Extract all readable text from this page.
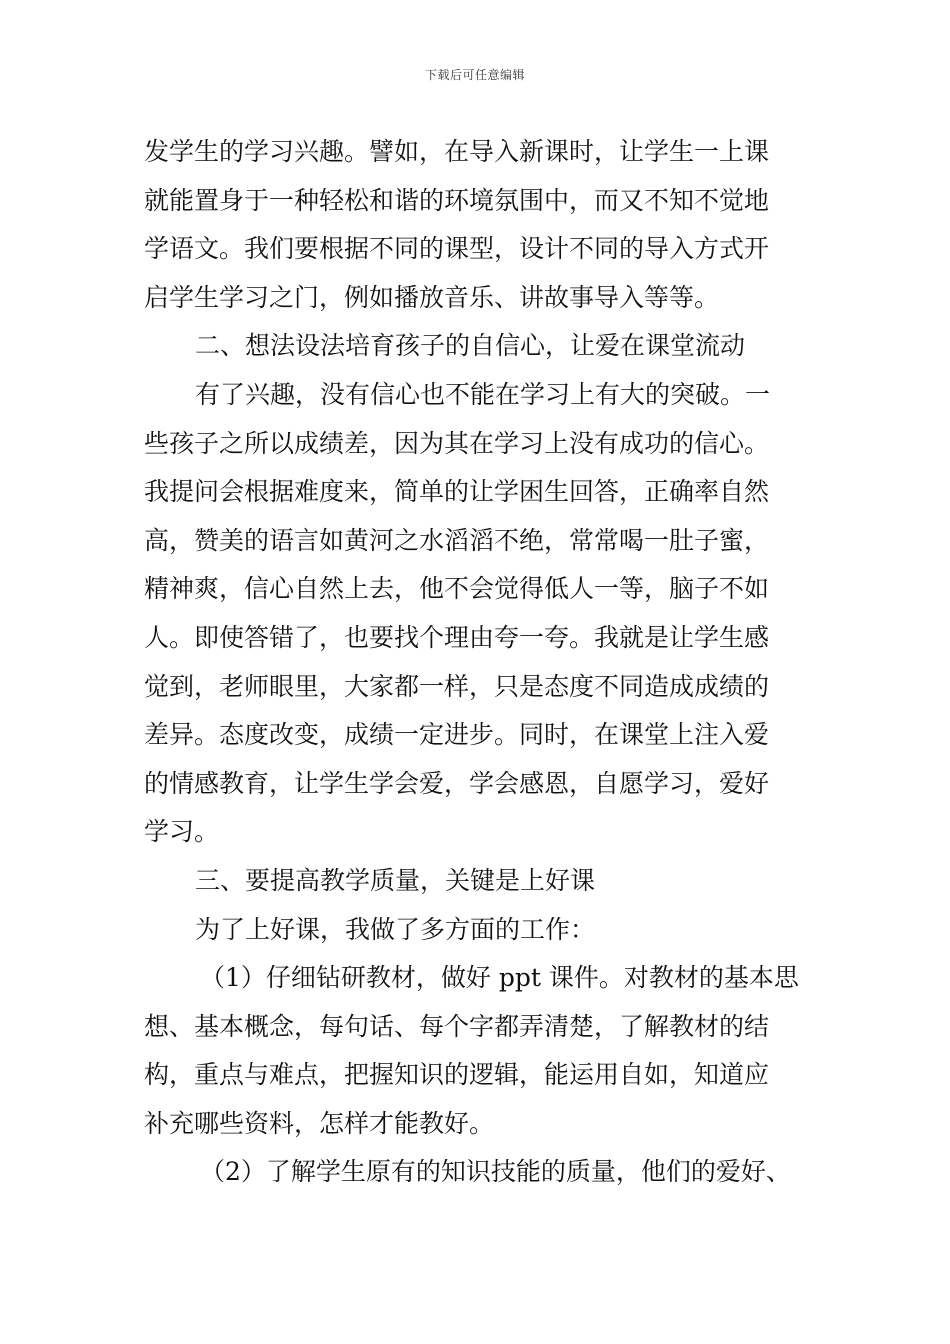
下载后可任意编辑
发学生的学习兴趣。譬如，在导入新课时，让学生一上课
就能置身于一种轻松和谐的环境氛围中，而又不知不觉地
学语文。我们要根据不同的课型，设计不同的导入方式开
启学生学习之门，例如播放音乐、讲故事导入等等。
二、想法设法培育孩子的自信心，让爱在课堂流动
有了兴趣，没有信心也不能在学习上有大的突破。一
些孩子之所以成绩差，因为其在学习上没有成功的信心。
我提问会根据难度来，简单的让学困生回答，正确率自然
高，赞美的语言如黄河之水滔滔不绝，常常喝一肚子蜜，
精神爽，信心自然上去，他不会觉得低人一等，脑子不如
人。即使答错了，也要找个理由夸一夸。我就是让学生感
觉到，老师眼里，大家都一样，只是态度不同造成成绩的
差异。态度改变，成绩一定进步。同时，在课堂上注入爱
的情感教育，让学生学会爱，学会感恩，自愿学习，爱好
学习。
三、要提高教学质量，关键是上好课
为了上好课，我做了多方面的工作：
（1）仔细钻研教材，做好 ppt 课件。对教材的基本思
想、基本概念，每句话、每个字都弄清楚，了解教材的结
构，重点与难点，把握知识的逻辑，能运用自如，知道应
补充哪些资料，怎样才能教好。
（2）了解学生原有的知识技能的质量，他们的爱好、
